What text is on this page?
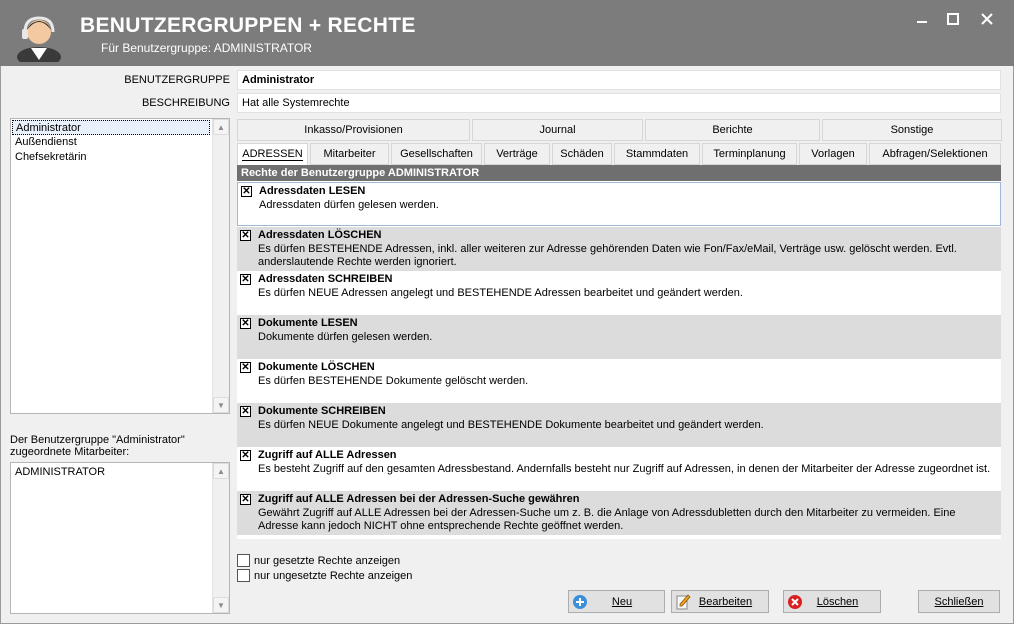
BENUTZERGRUPPEN + RECHTE
Für Benutzergruppe: ADMINISTRATOR
BENUTZERGRUPPE	Administrator
BESCHREIBUNG	Hat alle Systemrechte
Administrator
Außendienst
Chefsekretärin
▲
▼
Der Benutzergruppe "Administrator" zugeordnete Mitarbeiter:
ADMINISTRATOR	▲
▼
Inkasso/Provisionen	Journal	Berichte	Sonstige
ADRESSEN	Mitarbeiter	Gesellschaften	Verträge	Schäden	Stammdaten	Terminplanung	Vorlagen	Abfragen/Selektionen
Rechte der Benutzergruppe ADMINISTRATOR
✕ Adressdaten LESEN
Adressdaten dürfen gelesen werden.
✕ Adressdaten LÖSCHEN
Es dürfen BESTEHENDE Adressen, inkl. aller weiteren zur Adresse gehörenden Daten wie Fon/Fax/eMail, Verträge usw. gelöscht werden. Evtl. anderslautende Rechte werden ignoriert.
✕ Adressdaten SCHREIBEN
Es dürfen NEUE Adressen angelegt und BESTEHENDE Adressen bearbeitet und geändert werden.
✕ Dokumente LESEN
Dokumente dürfen gelesen werden.
✕ Dokumente LÖSCHEN
Es dürfen BESTEHENDE Dokumente gelöscht werden.
✕ Dokumente SCHREIBEN
Es dürfen NEUE Dokumente angelegt und BESTEHENDE Dokumente bearbeitet und geändert werden.
✕ Zugriff auf ALLE Adressen
Es besteht Zugriff auf den gesamten Adressbestand. Andernfalls besteht nur Zugriff auf Adressen, in denen der Mitarbeiter der Adresse zugeordnet ist.
✕ Zugriff auf ALLE Adressen bei der Adressen-Suche gewähren
Gewährt Zugriff auf ALLE Adressen bei der Adressen-Suche um z. B. die Anlage von Adressdubletten durch den Mitarbeiter zu vermeiden. Eine Adresse kann jedoch NICHT ohne entsprechende Rechte geöffnet werden.
nur gesetzte Rechte anzeigen
nur ungesetzte Rechte anzeigen
Neu	Bearbeiten	Löschen	Schließen
